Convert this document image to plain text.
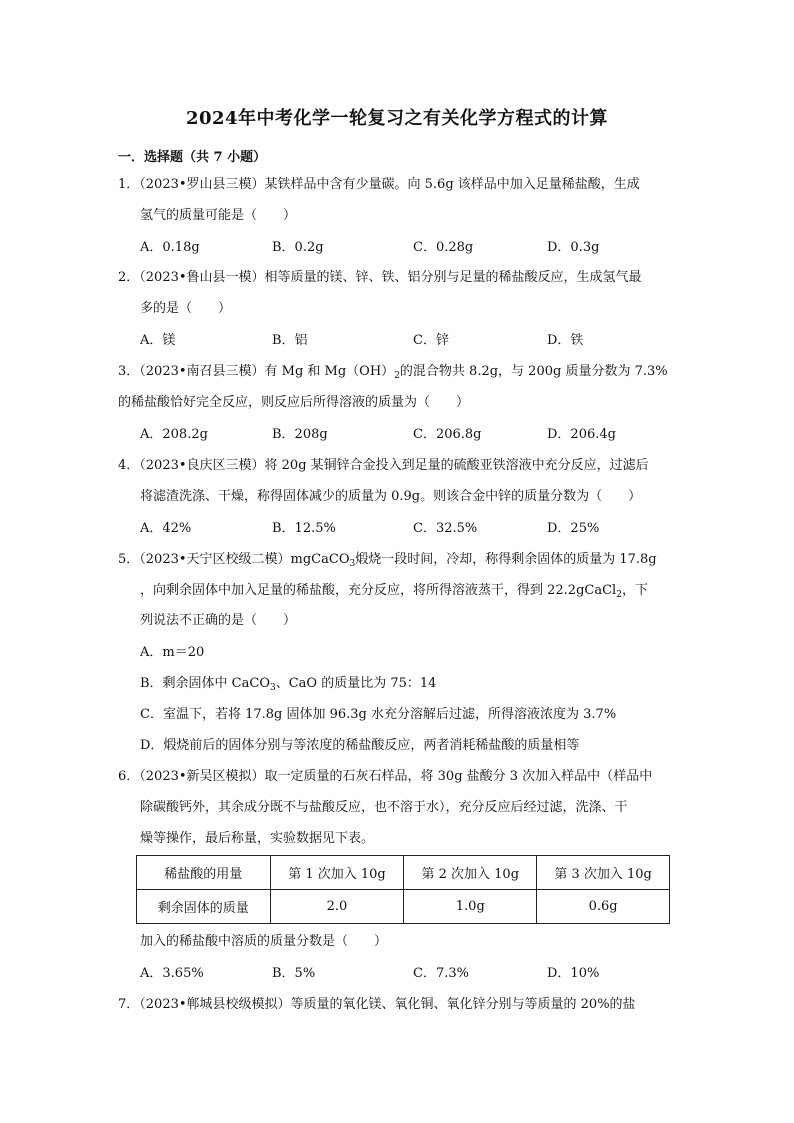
2024年中考化学一轮复习之有关化学方程式的计算
一．选择题（共 7 小题）
1．（2023•罗山县三模）某铁样品中含有少量碳。向 5.6g 该样品中加入足量稀盐酸，生成
氢气的质量可能是（　　）
A．0.18g	B．0.2g	C．0.28g	D．0.3g
2．（2023•鲁山县一模）相等质量的镁、锌、铁、铝分别与足量的稀盐酸反应，生成氢气最
多的是（　　）
A．镁	B．铝	C．锌	D．铁
3．（2023•南召县三模）有 Mg 和 $Mg(OH)_2$的混合物共 8.2g，与 200g 质量分数为 7.3%
的稀盐酸恰好完全反应，则反应后所得溶液的质量为（　　）
A．208.2g	B．208g	C．206.8g	D．206.4g
4．（2023•良庆区三模）将 20g 某铜锌合金投入到足量的硫酸亚铁溶液中充分反应，过滤后
将滤渣洗涤、干燥，称得固体减少的质量为 0.9g。则该合金中锌的质量分数为（　　）
A．42%	B．12.5%	C．32.5%	D．25%
5．（2023•天宁区校级二模）mgCaCO$_3$煅烧一段时间，冷却，称得剩余固体的质量为 17.8g
，向剩余固体中加入足量的稀盐酸，充分反应，将所得溶液蒸干，得到 22.2gCaCl$_2$，下
列说法不正确的是（　　）
A．m＝20
B．剩余固体中 CaCO$_3$、CaO 的质量比为 75：14
C．室温下，若将 17.8g 固体加 96.3g 水充分溶解后过滤，所得溶液浓度为 3.7%
D．煅烧前后的固体分别与等浓度的稀盐酸反应，两者消耗稀盐酸的质量相等
6．（2023•新吴区模拟）取一定质量的石灰石样品，将 30g 盐酸分 3 次加入样品中（样品中
除碳酸钙外，其余成分既不与盐酸反应，也不溶于水），充分反应后经过滤，洗涤、干
燥等操作，最后称量，实验数据见下表。
稀盐酸的用量	第 1 次加入 10g	第 2 次加入 10g	第 3 次加入 10g
剩余固体的质量	2.0	1.0g	0.6g
加入的稀盐酸中溶质的质量分数是（　　）
A．3.65%	B．5%	C．7.3%	D．10%
7．（2023•郸城县校级模拟）等质量的氧化镁、氧化铜、氧化锌分别与等质量的 20%的盐
